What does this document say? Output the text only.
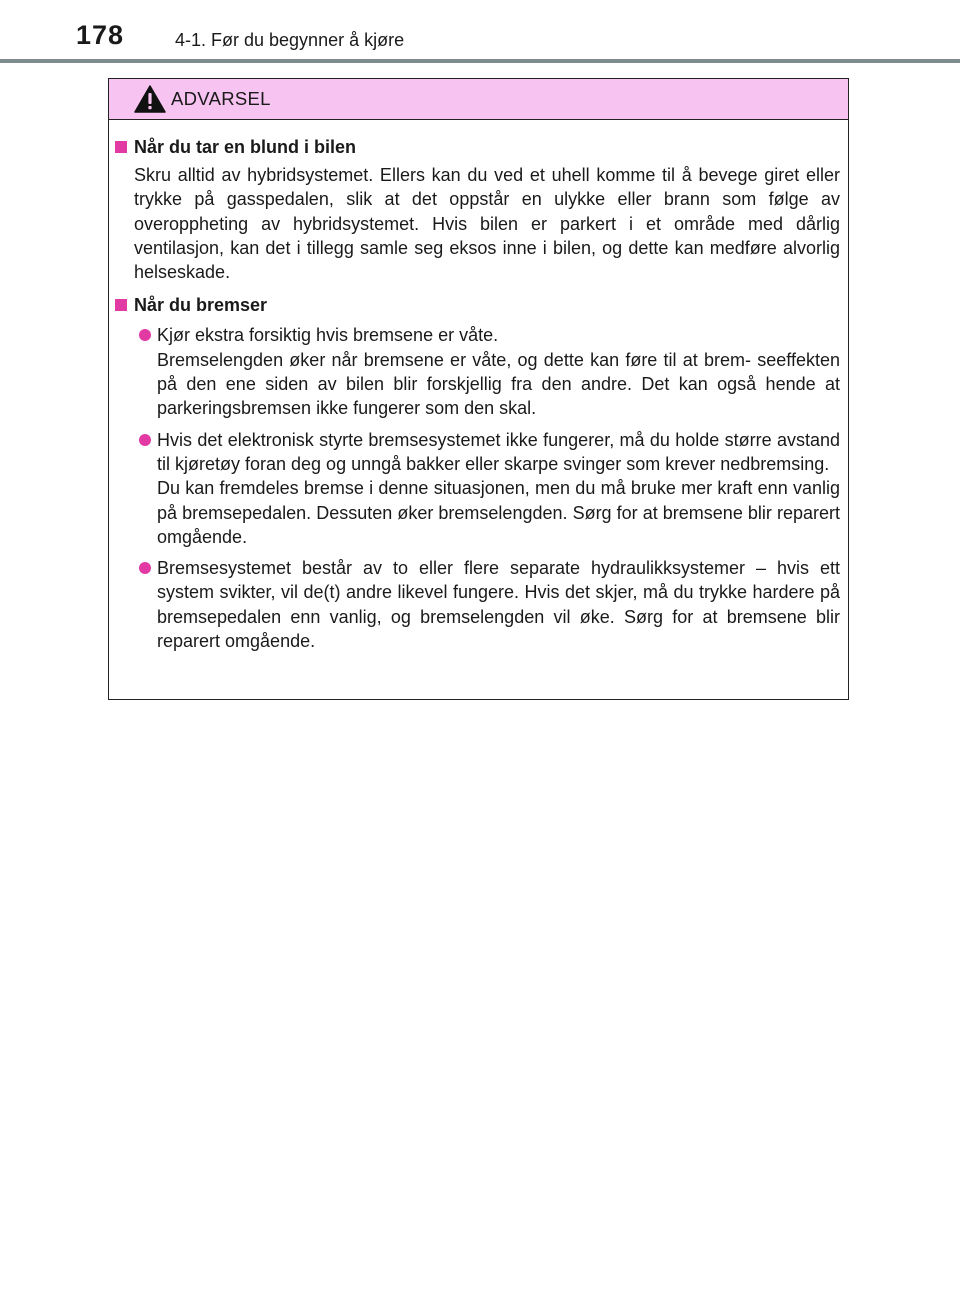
178	4-1. Før du begynner å kjøre
ADVARSEL
Når du tar en blund i bilen
Skru alltid av hybridsystemet. Ellers kan du ved et uhell komme til å bevege giret eller trykke på gasspedalen, slik at det oppstår en ulykke eller brann som følge av overoppheting av hybridsystemet. Hvis bilen er parkert i et område med dårlig ventilasjon, kan det i tillegg samle seg eksos inne i bilen, og dette kan medføre alvorlig helseskade.
Når du bremser

Kjør ekstra forsiktig hvis bremsene er våte.

Bremselengden øker når bremsene er våte, og dette kan føre til at brem- seeffekten på den ene siden av bilen blir forskjellig fra den andre. Det kan også hende at parkeringsbremsen ikke fungerer som den skal.

Hvis det elektronisk styrte bremsesystemet ikke fungerer, må du holde større avstand til kjøretøy foran deg og unngå bakker eller skarpe svinger som krever nedbremsing.

Du kan fremdeles bremse i denne situasjonen, men du må bruke mer kraft enn vanlig på bremsepedalen. Dessuten øker bremselengden. Sørg for at bremsene blir reparert omgående.

Bremsesystemet består av to eller flere separate hydraulikksystemer – hvis ett system svikter, vil de(t) andre likevel fungere. Hvis det skjer, må du trykke hardere på bremsepedalen enn vanlig, og bremselengden vil øke. Sørg for at bremsene blir reparert omgående.
